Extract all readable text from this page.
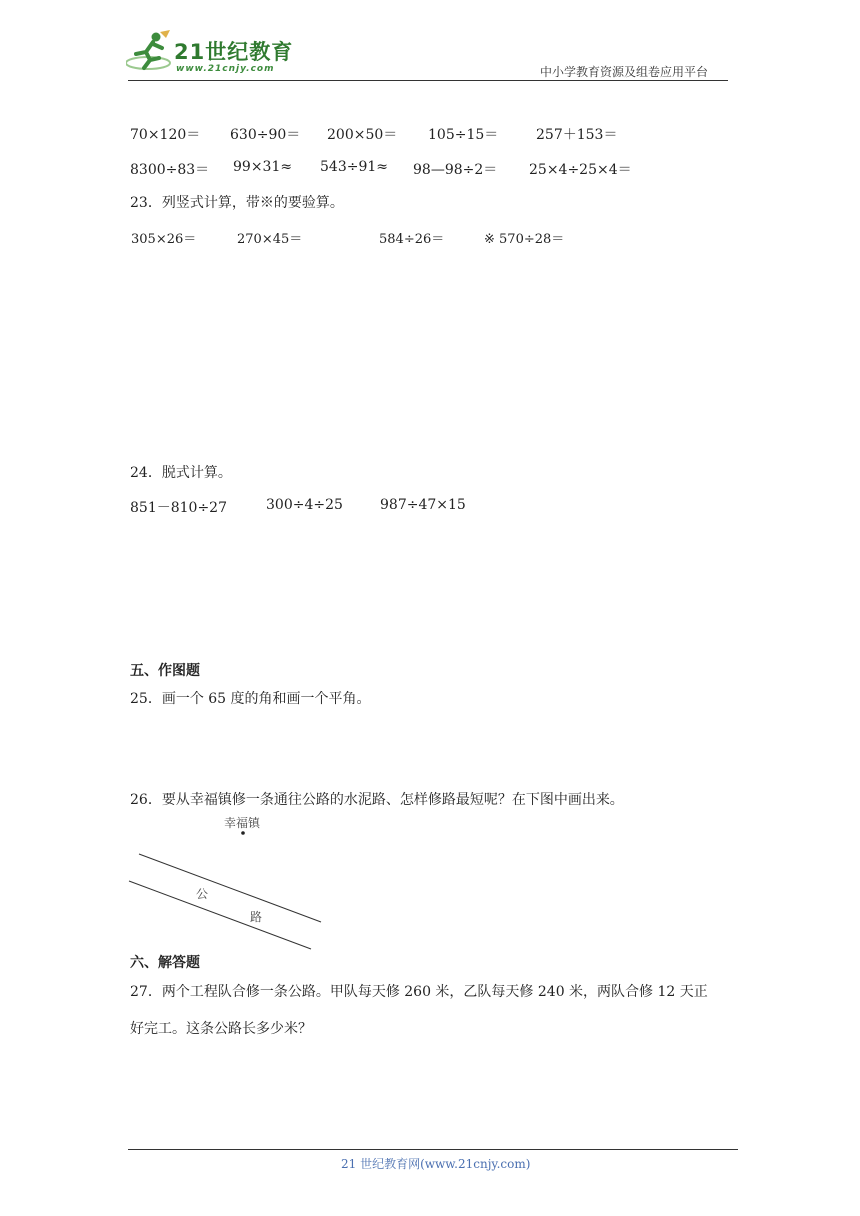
21世纪教育
www.21cnjy.com	中小学教育资源及组卷应用平台
70×120＝ 630÷90＝ 200×50＝ 105÷15＝	257＋153＝
8300÷83＝ 99×31≈ 543÷91≈ 98—98÷2＝ 25×4÷25×4＝
23．列竖式计算，带※的要验算。
305×26＝	270×45＝	584÷26＝	※ 570÷28＝
24．脱式计算。
851－810÷27	300÷4÷25	987÷47×15
五、作图题
25．画一个 65 度的角和画一个平角。
26．要从幸福镇修一条通往公路的水泥路、怎样修路最短呢？在下图中画出来。
幸福镇
公
路
六、解答题
27．两个工程队合修一条公路。甲队每天修 260 米，乙队每天修 240 米，两队合修 12 天正
好完工。这条公路长多少米？
21 世纪教育网(www.21cnjy.com)
